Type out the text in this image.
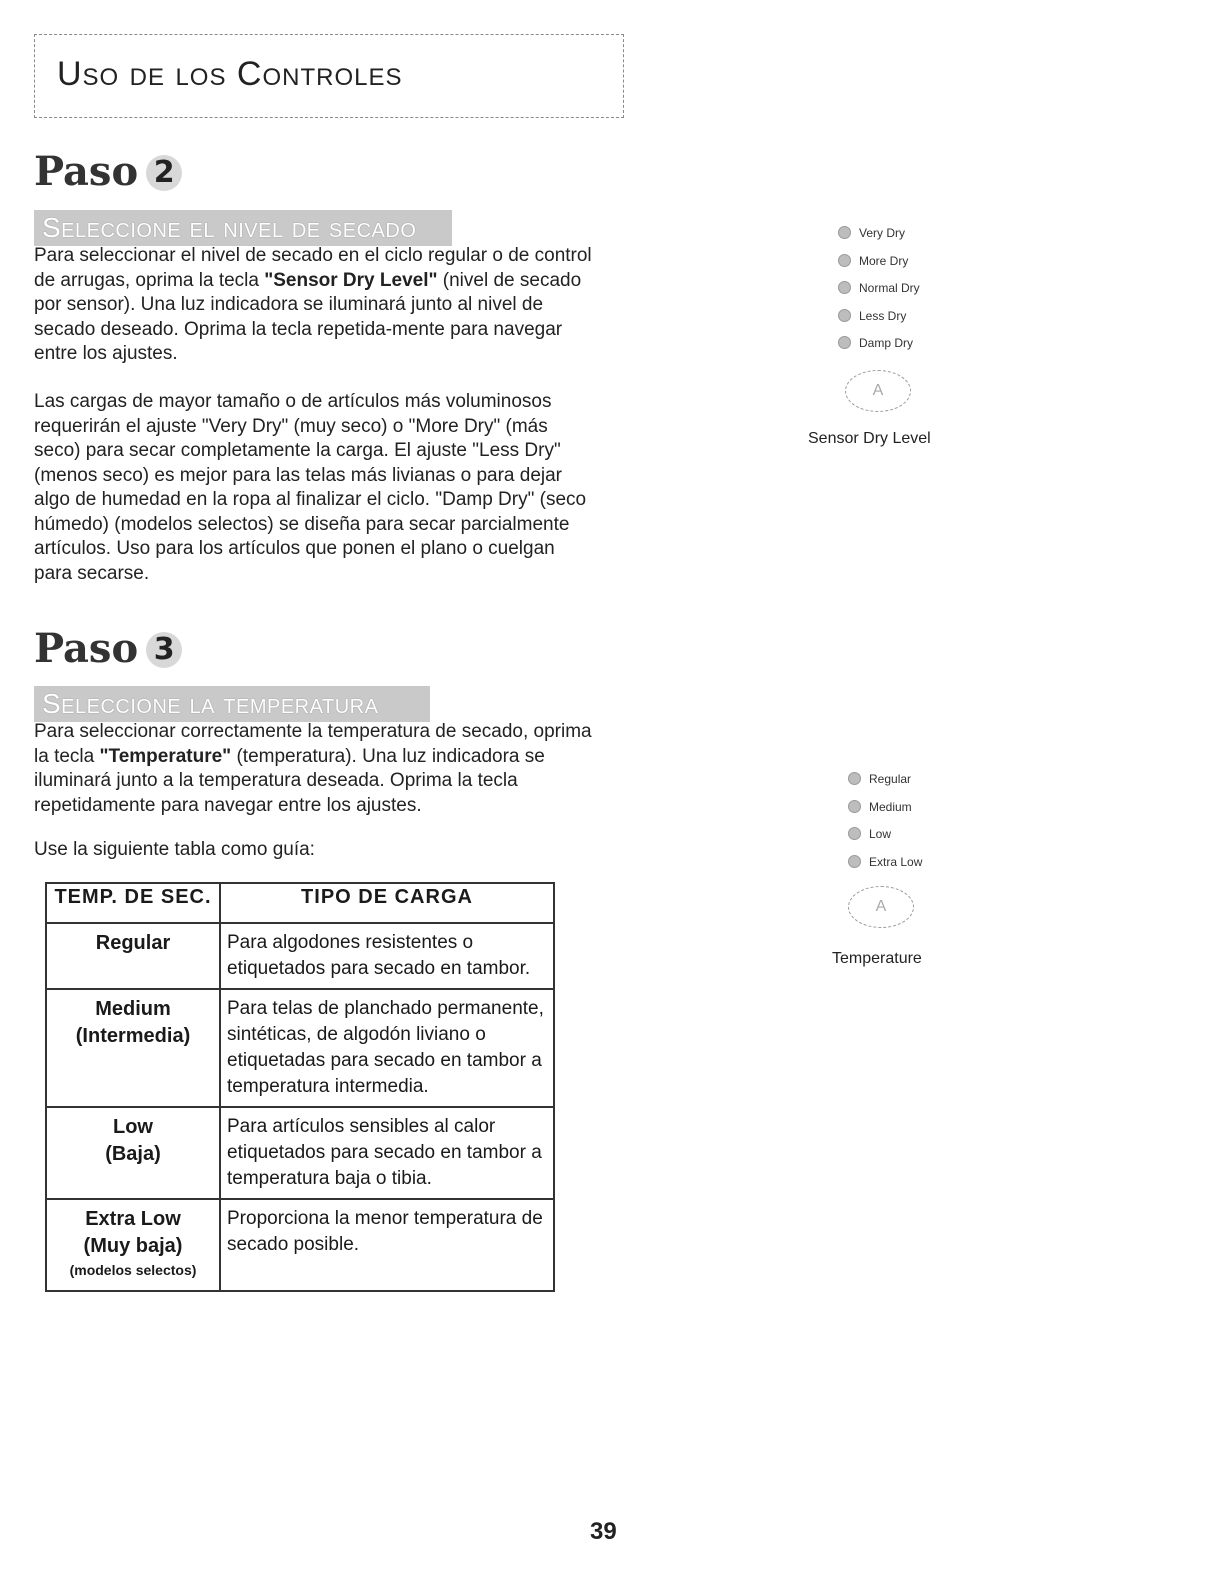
Uso de los Controles
Paso 2
Seleccione el nivel de secado

Para seleccionar el nivel de secado en el ciclo regular o de control de arrugas, oprima la tecla "Sensor Dry Level" (nivel de secado por sensor). Una luz indicadora se iluminará junto al nivel de secado deseado. Oprima la tecla repetida-mente para navegar entre los ajustes.

Las cargas de mayor tamaño o de artículos más voluminosos requerirán el ajuste "Very Dry" (muy seco) o "More Dry" (más seco) para secar completamente la carga. El ajuste "Less Dry" (menos seco) es mejor para las telas más livianas o para dejar algo de humedad en la ropa al finalizar el ciclo. "Damp Dry" (seco húmedo) (modelos selectos) se diseña para secar parcialmente artículos. Uso para los artículos que ponen el plano o cuelgan para secarse.

Very Dry
More Dry
Normal Dry
Less Dry
Damp Dry
A
Sensor Dry Level
Paso 3
Seleccione la temperatura

Para seleccionar correctamente la temperatura de secado, oprima la tecla "Temperature" (temperatura). Una luz indicadora se iluminará junto a la temperatura deseada. Oprima la tecla repetidamente para navegar entre los ajustes.

Use la siguiente tabla como guía:

Regular
Medium
Low
Extra Low
A
Temperature
TEMP. DE SEC.	TIPO DE CARGA
Regular	Para algodones resistentes o etiquetados para secado en tambor.
Medium
(Intermedia)	Para telas de planchado permanente, sintéticas, de algodón liviano o etiquetadas para secado en tambor a temperatura intermedia.
Low
(Baja)	Para artículos sensibles al calor etiquetados para secado en tambor a temperatura baja o tibia.
Extra Low
(Muy baja)
(modelos selectos)	Proporciona la menor temperatura de secado posible.
39
